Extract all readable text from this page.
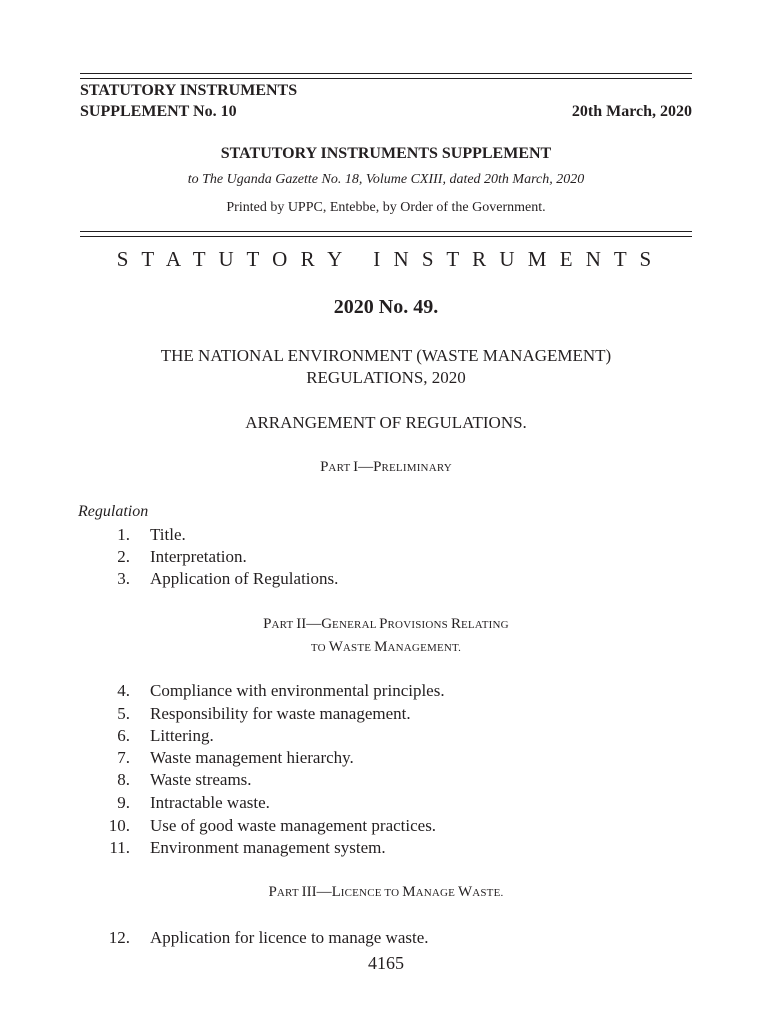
STATUTORY INSTRUMENTS
SUPPLEMENT No. 10	20th March, 2020
STATUTORY INSTRUMENTS SUPPLEMENT
to The Uganda Gazette No. 18, Volume CXIII, dated 20th March, 2020
Printed by UPPC, Entebbe, by Order of the Government.
S T A T U T O R Y   I N S T R U M E N T S
2020 No. 49.
THE NATIONAL ENVIRONMENT (WASTE MANAGEMENT)
REGULATIONS, 2020
ARRANGEMENT OF REGULATIONS.
PART I—PRELIMINARY
Regulation
1. Title.
2. Interpretation.
3. Application of Regulations.
PART II—GENERAL PROVISIONS RELATING
TO WASTE MANAGEMENT.
4. Compliance with environmental principles.
5. Responsibility for waste management.
6. Littering.
7. Waste management hierarchy.
8. Waste streams.
9. Intractable waste.
10. Use of good waste management practices.
11. Environment management system.
PART III—LICENCE TO MANAGE WASTE.
12. Application for licence to manage waste.
4165
